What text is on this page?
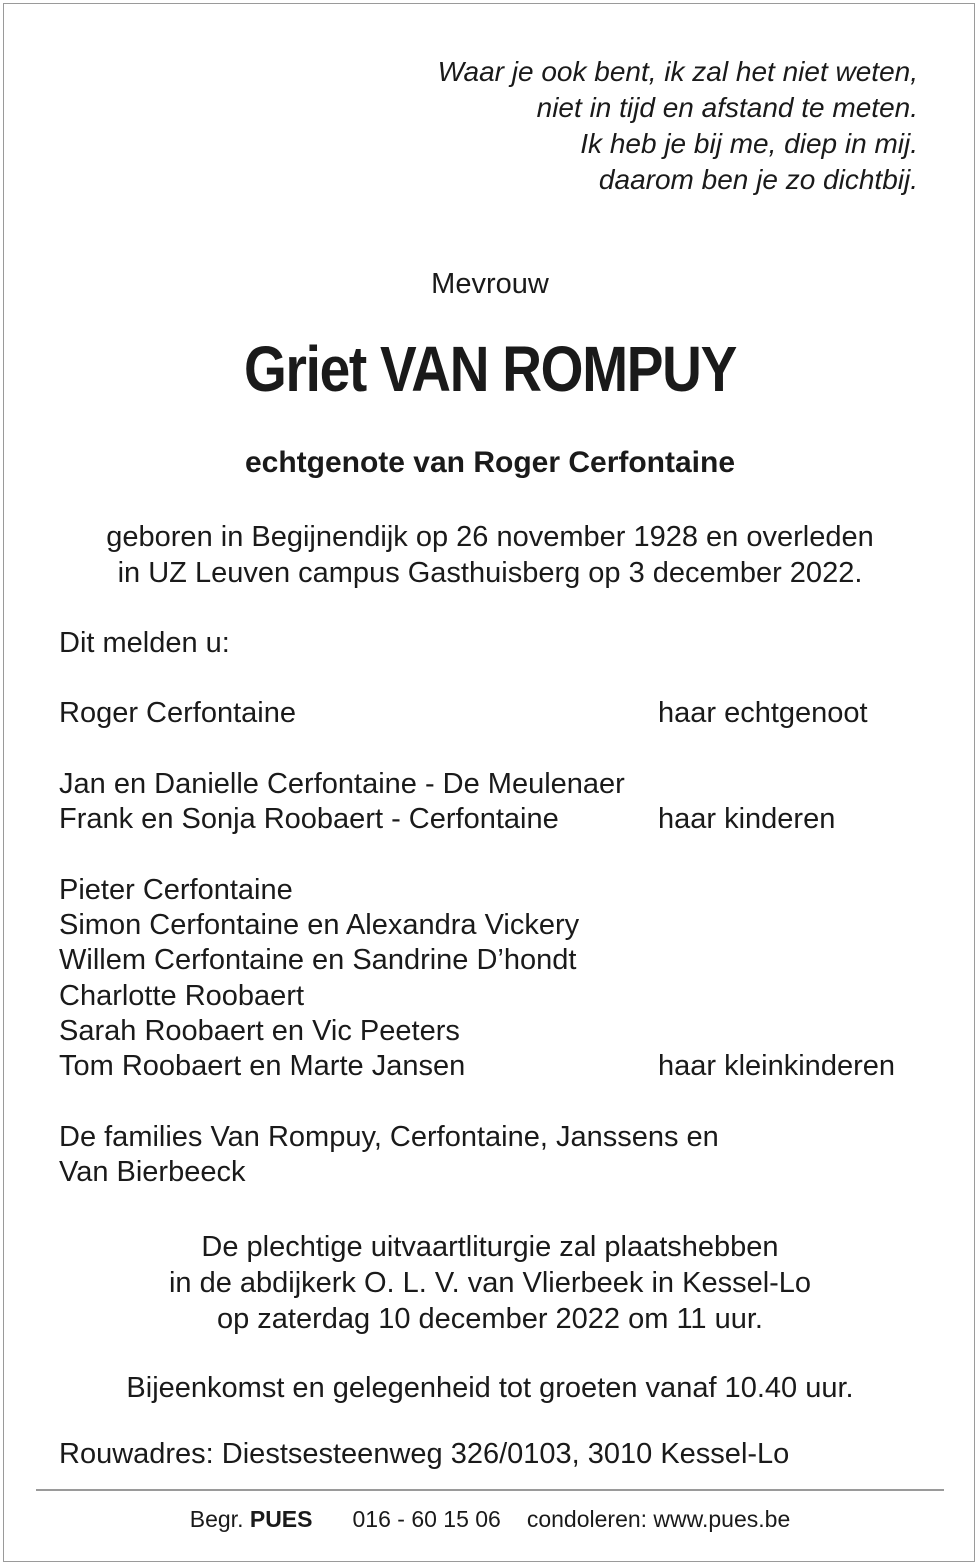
Waar je ook bent, ik zal het niet weten,
niet in tijd en afstand te meten.
Ik heb je bij me, diep in mij.
daarom ben je zo dichtbij.
Mevrouw
Griet VAN ROMPUY
echtgenote van Roger Cerfontaine
geboren in Begijnendijk op 26 november 1928 en overleden
in UZ Leuven campus Gasthuisberg op 3 december 2022.
Dit melden u:
Roger Cerfontaine	haar echtgenoot
Jan en Danielle Cerfontaine - De Meulenaer
Frank en Sonja Roobaert - Cerfontaine	haar kinderen
Pieter Cerfontaine
Simon Cerfontaine en Alexandra Vickery
Willem Cerfontaine en Sandrine D’hondt
Charlotte Roobaert
Sarah Roobaert en Vic Peeters
Tom Roobaert en Marte Jansen	haar kleinkinderen
De families Van Rompuy, Cerfontaine, Janssens en
Van Bierbeeck
De plechtige uitvaartliturgie zal plaatshebben
in de abdijkerk O. L. V. van Vlierbeek in Kessel-Lo
op zaterdag 10 december 2022 om 11 uur.
Bijeenkomst en gelegenheid tot groeten vanaf 10.40 uur.
Rouwadres: Diestsesteenweg 326/0103, 3010 Kessel-Lo
Begr. PUES 016 - 60 15 06 condoleren: www.pues.be
